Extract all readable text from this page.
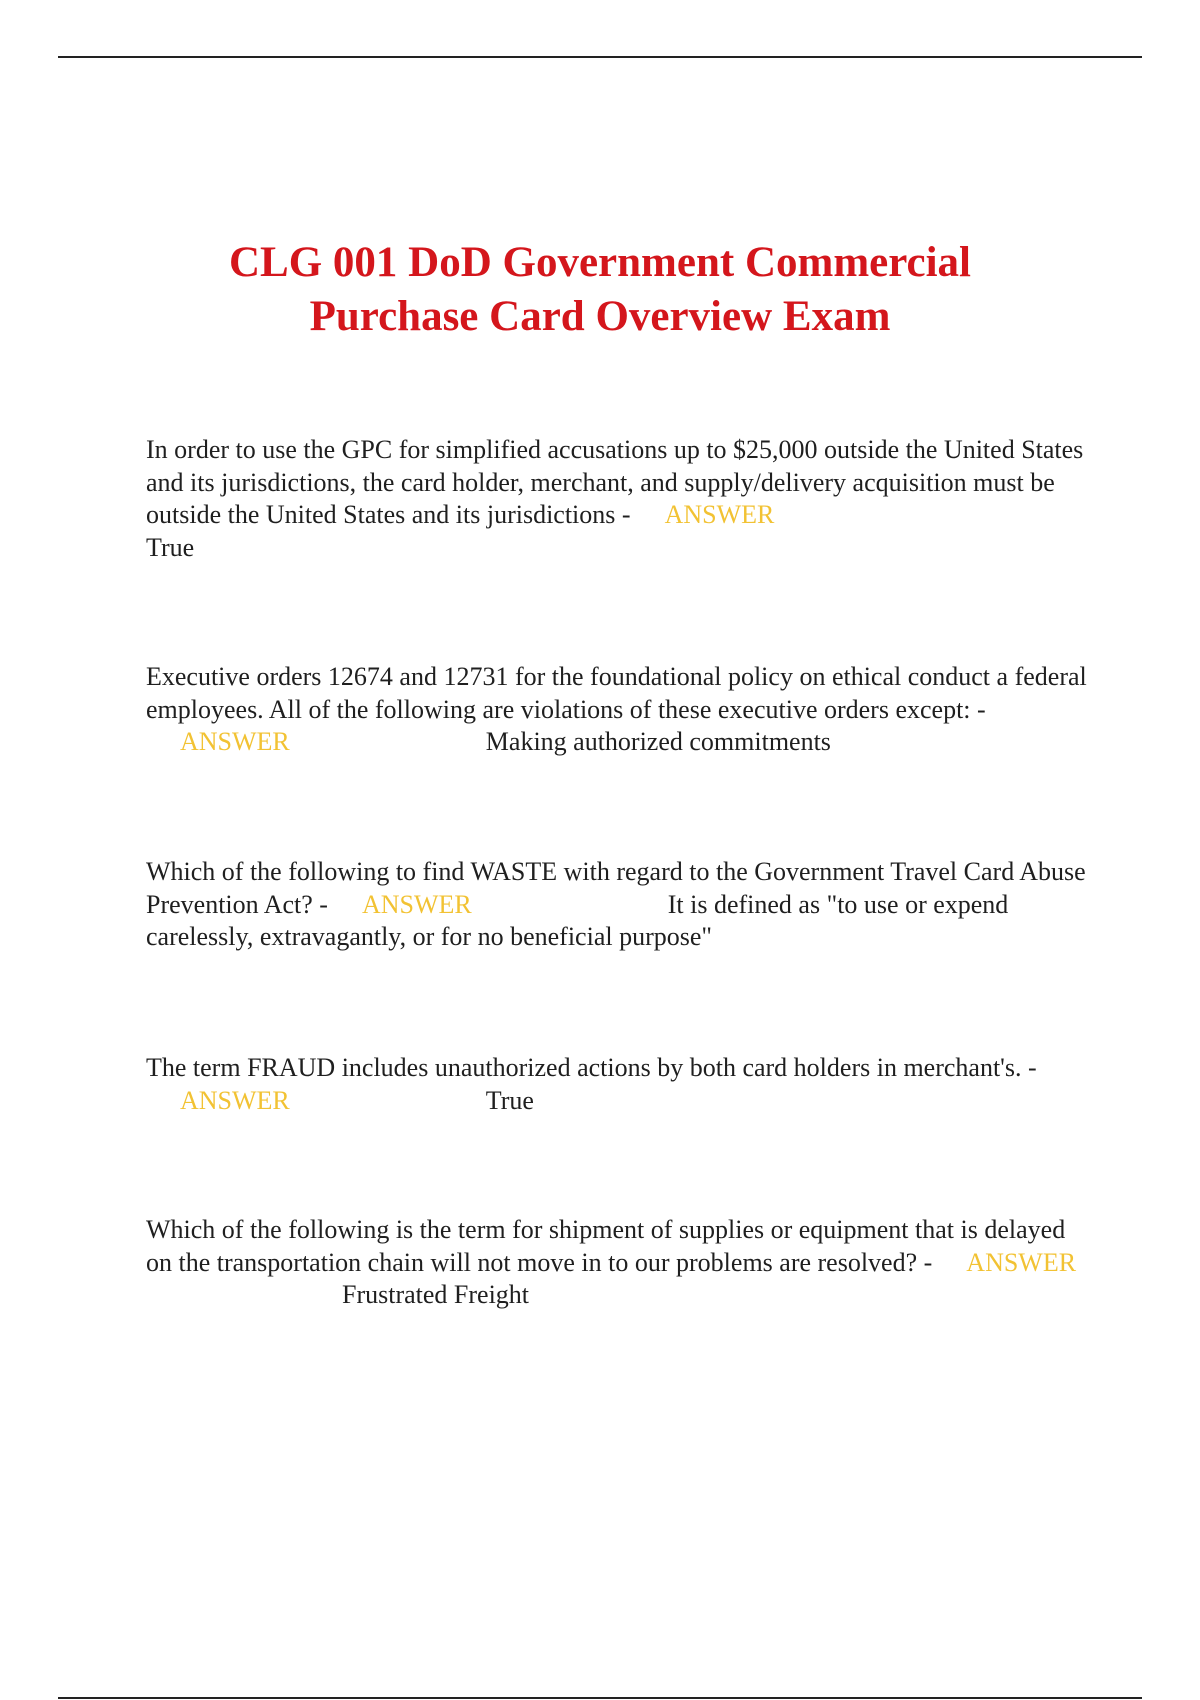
CLG 001 DoD Government Commercial
Purchase Card Overview Exam
In order to use the GPC for simplified accusations up to $25,000 outside the United States and its jurisdictions, the card holder, merchant, and supply/delivery acquisition must be outside the United States and its jurisdictions - ANSWER
True
Executive orders 12674 and 12731 for the foundational policy on ethical conduct a federal employees. All of the following are violations of these executive orders except: -ANSWER	Making authorized commitments
Which of the following to find WASTE with regard to the Government Travel Card Abuse Prevention Act? - ANSWER	It is defined as "to use or expend carelessly, extravagantly, or for no beneficial purpose"
The term FRAUD includes unauthorized actions by both card holders in merchant's. -ANSWER	True
Which of the following is the term for shipment of supplies or equipment that is delayed on the transportation chain will not move in to our problems are resolved? - ANSWERFrustrated Freight
